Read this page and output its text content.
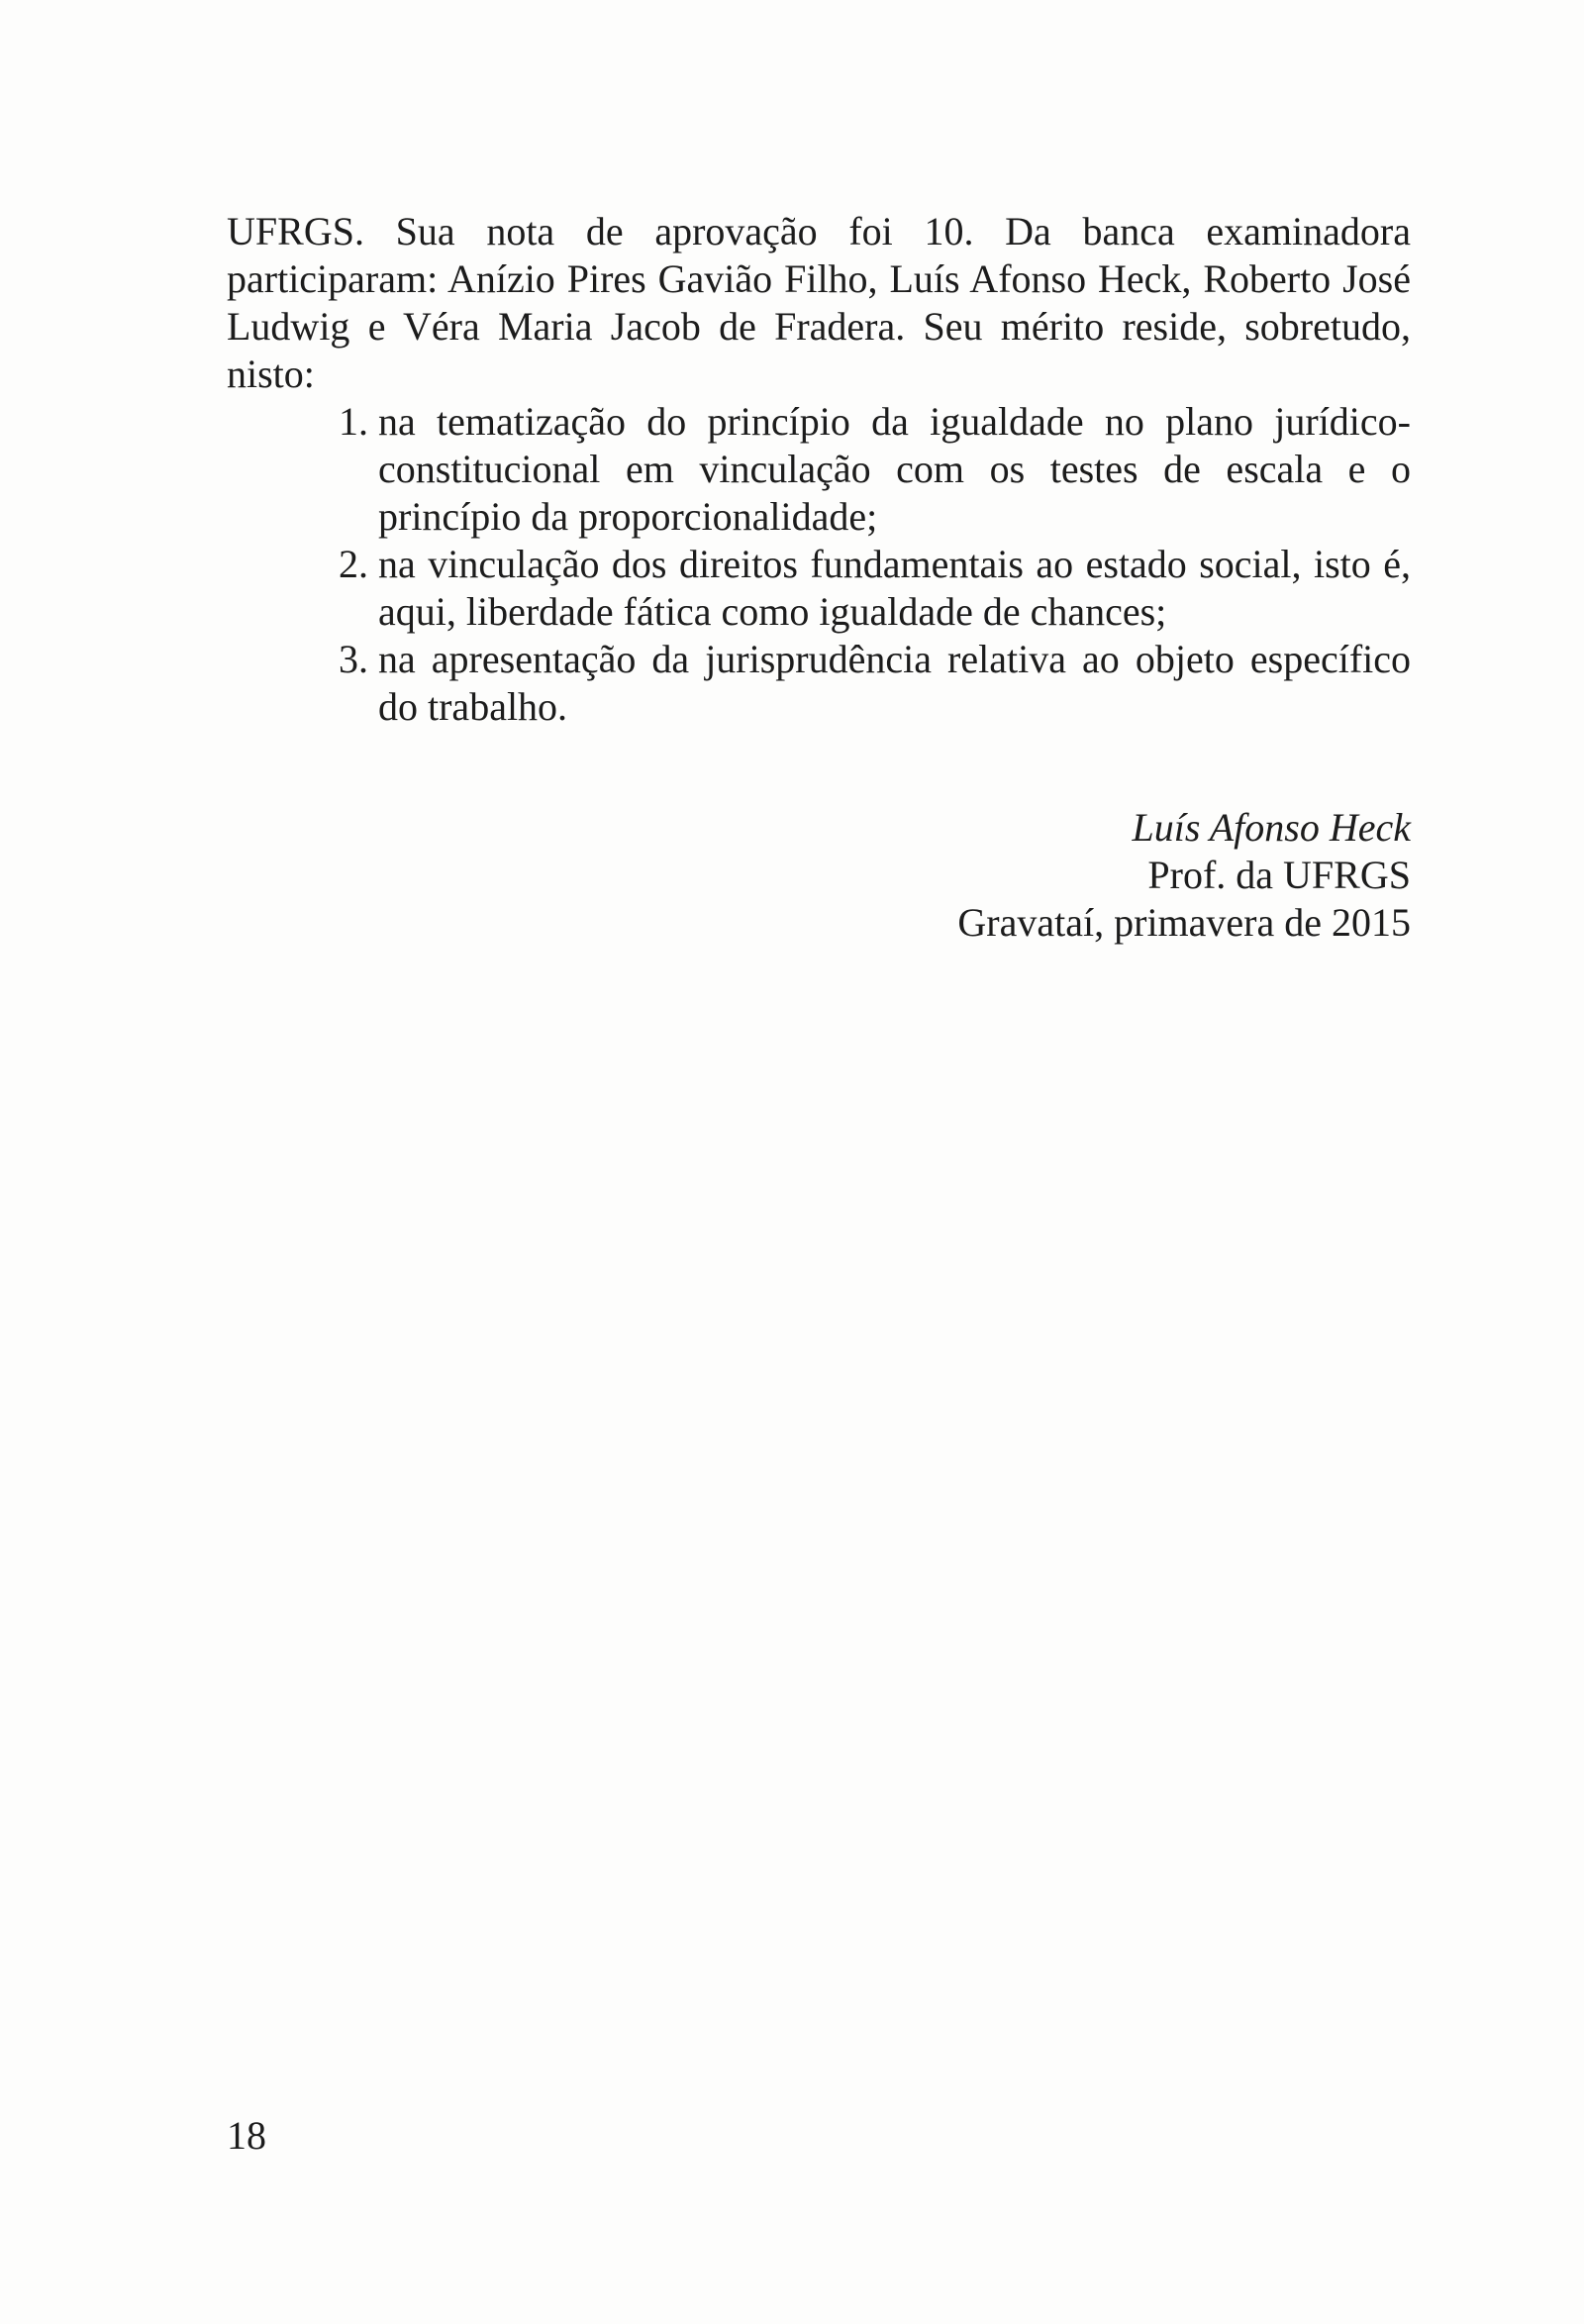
UFRGS. Sua nota de aprovação foi 10. Da banca examinadora participaram: Anízio Pires Gavião Filho, Luís Afonso Heck, Roberto José Ludwig e Véra Maria Jacob de Fradera. Seu mérito reside, sobretudo, nisto:

1. na tematização do princípio da igualdade no plano jurídico-constitucional em vinculação com os testes de escala e o princípio da proporcionalidade;
2. na vinculação dos direitos fundamentais ao estado social, isto é, aqui, liberdade fática como igualdade de chances;
3. na apresentação da jurisprudência relativa ao objeto específico do trabalho.
Luís Afonso Heck
Prof. da UFRGS
Gravataí, primavera de 2015
18
